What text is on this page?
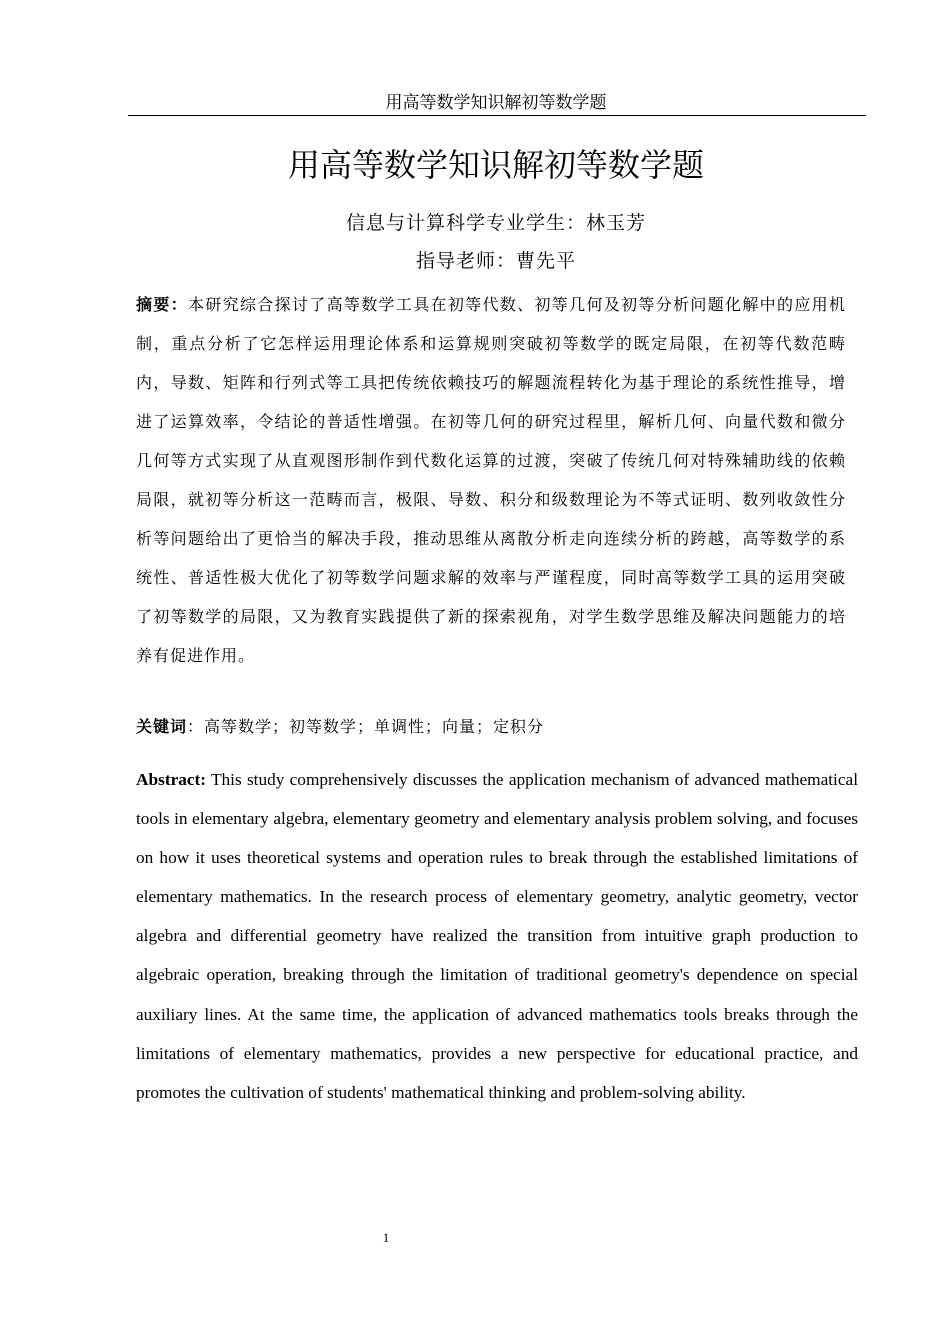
用高等数学知识解初等数学题
用高等数学知识解初等数学题
信息与计算科学专业学生：林玉芳
指导老师：曹先平
摘要：本研究综合探讨了高等数学工具在初等代数、初等几何及初等分析问题化解中的应用机制，重点分析了它怎样运用理论体系和运算规则突破初等数学的既定局限，在初等代数范畴内，导数、矩阵和行列式等工具把传统依赖技巧的解题流程转化为基于理论的系统性推导，增进了运算效率，令结论的普适性增强。在初等几何的研究过程里，解析几何、向量代数和微分几何等方式实现了从直观图形制作到代数化运算的过渡，突破了传统几何对特殊辅助线的依赖局限，就初等分析这一范畴而言，极限、导数、积分和级数理论为不等式证明、数列收敛性分析等问题给出了更恰当的解决手段，推动思维从离散分析走向连续分析的跨越，高等数学的系统性、普适性极大优化了初等数学问题求解的效率与严谨程度，同时高等数学工具的运用突破了初等数学的局限，又为教育实践提供了新的探索视角，对学生数学思维及解决问题能力的培养有促进作用。
关键词：高等数学；初等数学；单调性；向量；定积分
Abstract: This study comprehensively discusses the application mechanism of advanced mathematical tools in elementary algebra, elementary geometry and elementary analysis problem solving, and focuses on how it uses theoretical systems and operation rules to break through the established limitations of elementary mathematics. In the research process of elementary geometry, analytic geometry, vector algebra and differential geometry have realized the transition from intuitive graph production to algebraic operation, breaking through the limitation of traditional geometry's dependence on special auxiliary lines. At the same time, the application of advanced mathematics tools breaks through the limitations of elementary mathematics, provides a new perspective for educational practice, and promotes the cultivation of students' mathematical thinking and problem-solving ability.
1
